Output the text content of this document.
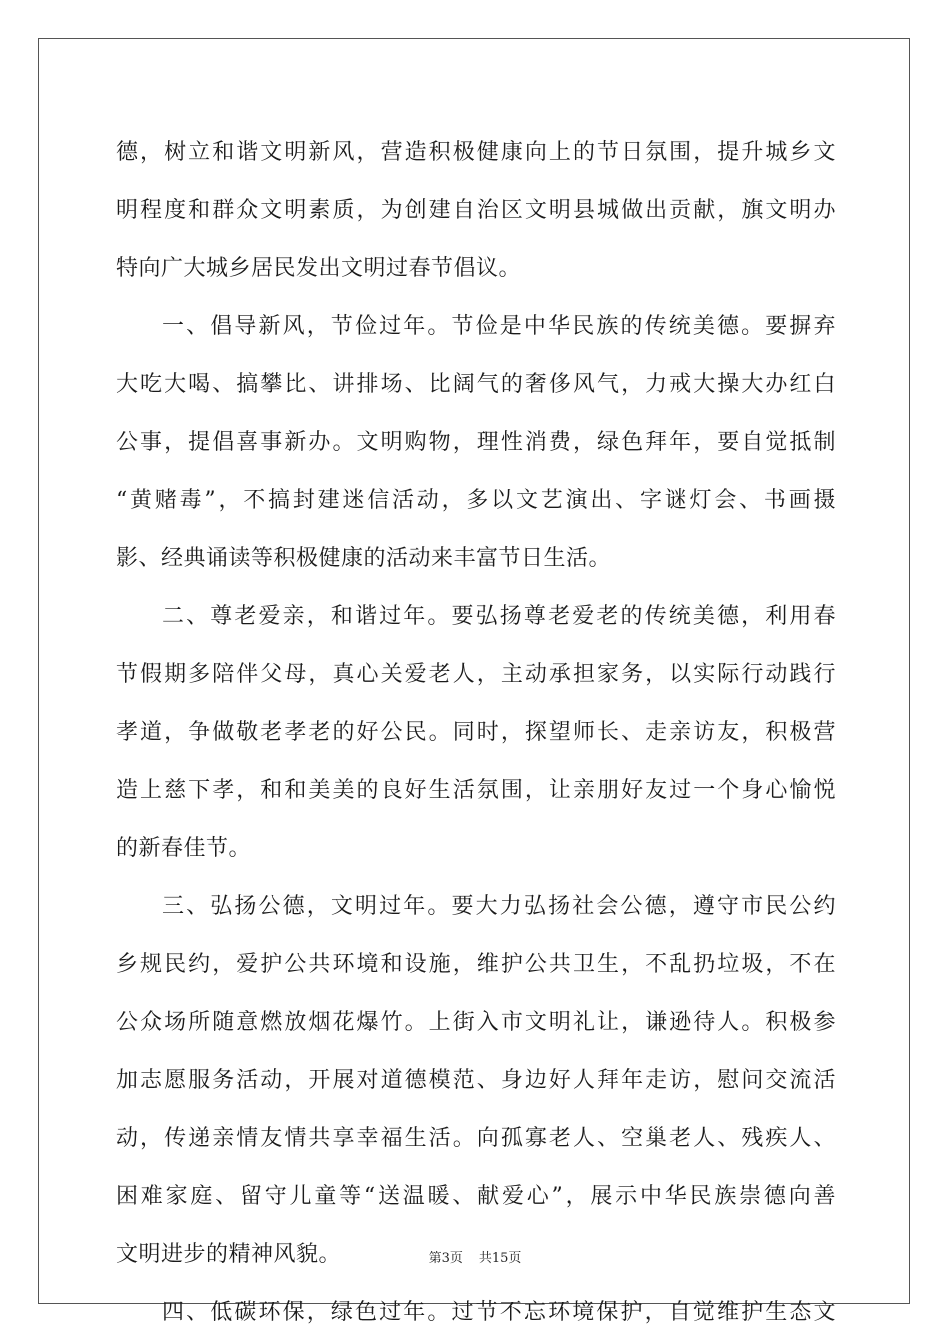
德，树立和谐文明新风，营造积极健康向上的节日氛围，提升城乡文
明程度和群众文明素质，为创建自治区文明县城做出贡献，旗文明办
特向广大城乡居民发出文明过春节倡议。
一、倡导新风，节俭过年。节俭是中华民族的传统美德。要摒弃
大吃大喝、搞攀比、讲排场、比阔气的奢侈风气，力戒大操大办红白
公事，提倡喜事新办。文明购物，理性消费，绿色拜年，要自觉抵制
“黄赌毒”，不搞封建迷信活动，多以文艺演出、字谜灯会、书画摄
影、经典诵读等积极健康的活动来丰富节日生活。
二、尊老爱亲，和谐过年。要弘扬尊老爱老的传统美德，利用春
节假期多陪伴父母，真心关爱老人，主动承担家务，以实际行动践行
孝道，争做敬老孝老的好公民。同时，探望师长、走亲访友，积极营
造上慈下孝，和和美美的良好生活氛围，让亲朋好友过一个身心愉悦
的新春佳节。
三、弘扬公德，文明过年。要大力弘扬社会公德，遵守市民公约
乡规民约，爱护公共环境和设施，维护公共卫生，不乱扔垃圾，不在
公众场所随意燃放烟花爆竹。上街入市文明礼让，谦逊待人。积极参
加志愿服务活动，开展对道德模范、身边好人拜年走访，慰问交流活
动，传递亲情友情共享幸福生活。向孤寡老人、空巢老人、残疾人、
困难家庭、留守儿童等“送温暖、献爱心”，展示中华民族崇德向善
文明进步的精神风貌。
四、低碳环保，绿色过年。过节不忘环境保护，自觉维护生态文
第3页 共15页
